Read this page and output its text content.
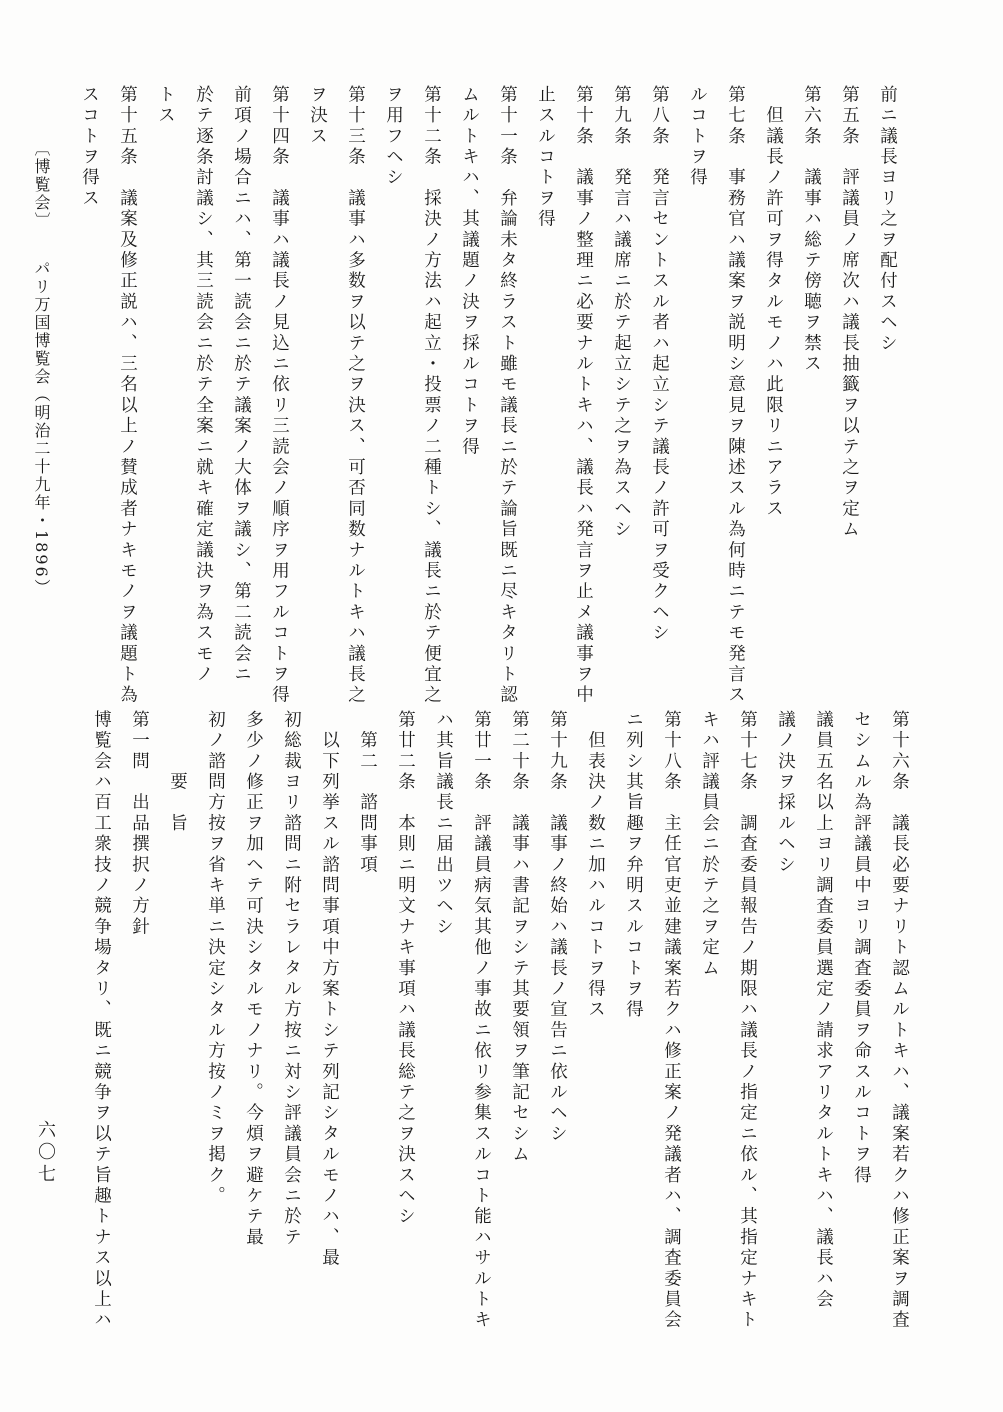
前ニ議長ヨリ之ヲ配付スヘシ
第五条　評議員ノ席次ハ議長抽籤ヲ以テ之ヲ定ム
第六条　議事ハ総テ傍聴ヲ禁ス
　但議長ノ許可ヲ得タルモノハ此限リニアラス
第七条　事務官ハ議案ヲ説明シ意見ヲ陳述スル為何時ニテモ発言ス
ルコトヲ得
第八条　発言セントスル者ハ起立シテ議長ノ許可ヲ受クヘシ
第九条　発言ハ議席ニ於テ起立シテ之ヲ為スヘシ
第十条　議事ノ整理ニ必要ナルトキハ、議長ハ発言ヲ止メ議事ヲ中
止スルコトヲ得
第十一条　弁論未タ終ラスト雖モ議長ニ於テ論旨既ニ尽キタリト認
ムルトキハ、其議題ノ決ヲ採ルコトヲ得
第十二条　採決ノ方法ハ起立・投票ノ二種トシ、議長ニ於テ便宜之
ヲ用フヘシ
第十三条　議事ハ多数ヲ以テ之ヲ決ス、可否同数ナルトキハ議長之
ヲ決ス
第十四条　議事ハ議長ノ見込ニ依リ三読会ノ順序ヲ用フルコトヲ得
前項ノ場合ニハ、第一読会ニ於テ議案ノ大体ヲ議シ、第二読会ニ
於テ逐条討議シ、其三読会ニ於テ全案ニ就キ確定議決ヲ為スモノ
トス
第十五条　議案及修正説ハ、三名以上ノ賛成者ナキモノヲ議題ト為
スコトヲ得ス
第十六条　議長必要ナリト認ムルトキハ、議案若クハ修正案ヲ調査
セシムル為評議員中ヨリ調査委員ヲ命スルコトヲ得
議員五名以上ヨリ調査委員選定ノ請求アリタルトキハ、議長ハ会
議ノ決ヲ採ルヘシ
第十七条　調査委員報告ノ期限ハ議長ノ指定ニ依ル、其指定ナキト
キハ評議員会ニ於テ之ヲ定ム
第十八条　主任官吏並建議案若クハ修正案ノ発議者ハ、調査委員会
ニ列シ其旨趣ヲ弁明スルコトヲ得
　但表決ノ数ニ加ハルコトヲ得ス
第十九条　議事ノ終始ハ議長ノ宣告ニ依ルヘシ
第二十条　議事ハ書記ヲシテ其要領ヲ筆記セシム
第廿一条　評議員病気其他ノ事故ニ依リ参集スルコト能ハサルトキ
ハ其旨議長ニ届出ツヘシ
第廿二条　本則ニ明文ナキ事項ハ議長総テ之ヲ決スヘシ
　第二　諮問事項
　以下列挙スル諮問事項中方案トシテ列記シタルモノハ、最
初総裁ヨリ諮問ニ附セラレタル方按ニ対シ評議員会ニ於テ
多少ノ修正ヲ加ヘテ可決シタルモノナリ。今煩ヲ避ケテ最
初ノ諮問方按ヲ省キ単ニ決定シタル方按ノミヲ掲ク。
　　　要　旨
第一問　出品撰択ノ方針
博覧会ハ百工衆技ノ競争場タリ、既ニ競争ヲ以テ旨趣トナス以上ハ
〔博覧会〕
パリ万国博覧会（明治二十九年・1896）
六〇七
